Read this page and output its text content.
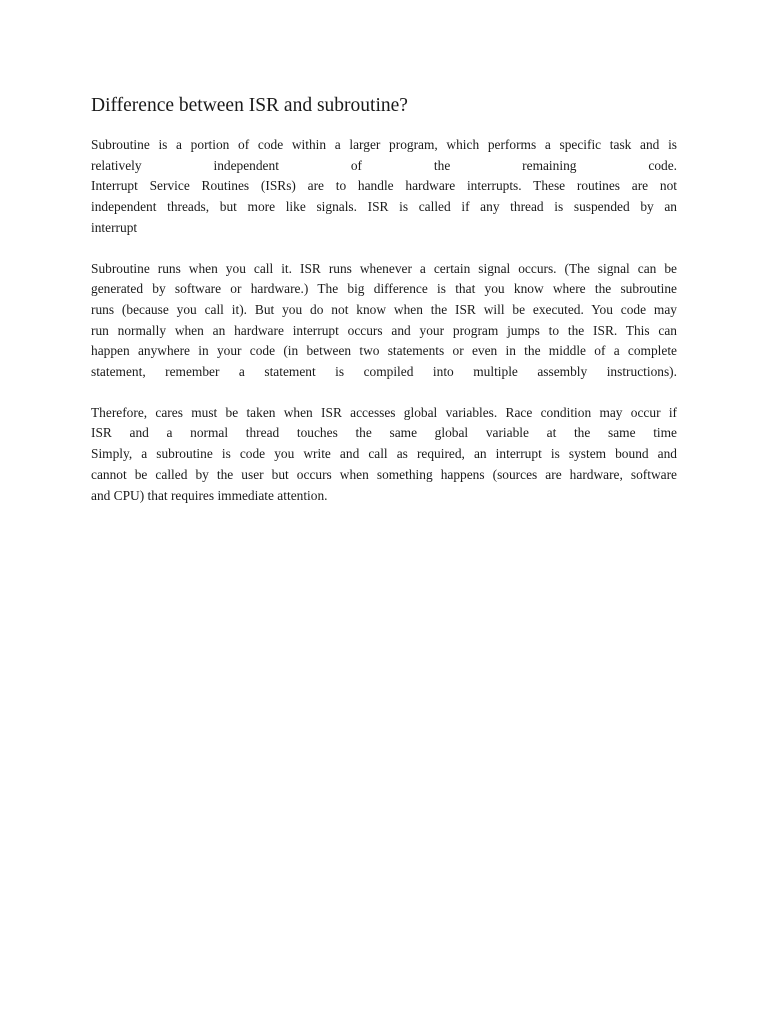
Difference between ISR and subroutine?
Subroutine is a portion of code within a larger program, which performs a specific task and is
relatively independent of the remaining code.
Interrupt Service Routines (ISRs) are to handle hardware interrupts. These routines are not
independent threads, but more like signals. ISR is called if any thread is suspended by an
interrupt
Subroutine runs when you call it. ISR runs whenever a certain signal occurs. (The signal can be
generated by software or hardware.) The big difference is that you know where the subroutine
runs (because you call it). But you do not know when the ISR will be executed. You code may
run normally when an hardware interrupt occurs and your program jumps to the ISR. This can
happen anywhere in your code (in between two statements or even in the middle of a complete
statement, remember a statement is compiled into multiple assembly instructions).
Therefore, cares must be taken when ISR accesses global variables. Race condition may occur if
ISR and a normal thread touches the same global variable at the same time
Simply, a subroutine is code you write and call as required, an interrupt is system bound and
cannot be called by the user but occurs when something happens (sources are hardware, software
and CPU) that requires immediate attention.
